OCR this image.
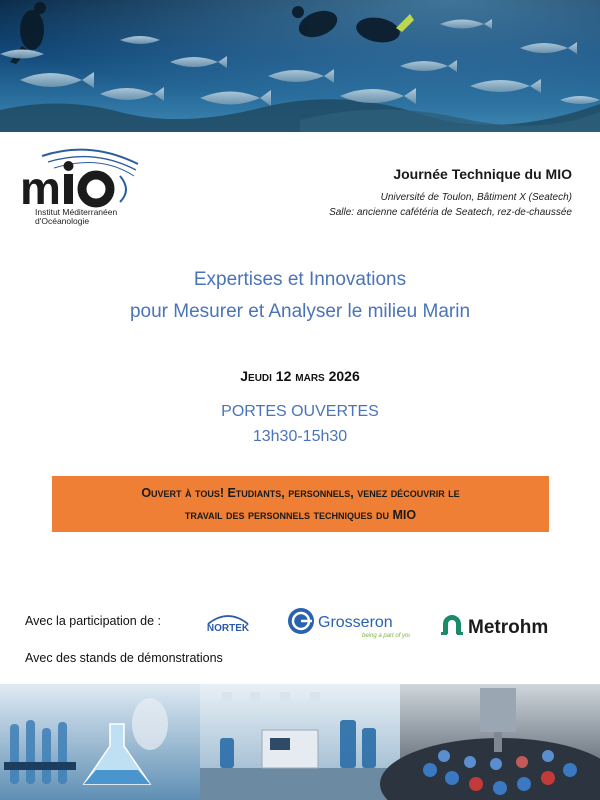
m
Institut Méditerranéen
d'Océanologie
Journée Technique du MIO
Université de Toulon, Bâtiment X (Seatech)
Salle: ancienne cafétéria de Seatech, rez-de-chaussée
Expertises et Innovations
pour Mesurer et Analyser le milieu Marin
Jeudi 12 mars 2026
PORTES OUVERTES
13h30-15h30
Ouvert à tous! Etudiants, personnels, venez découvrir le
travail des personnels techniques du MIO
Avec la participation de :
NORTEK	Grosseron
being a part of you	Metrohm
Avec des stands de démonstrations
